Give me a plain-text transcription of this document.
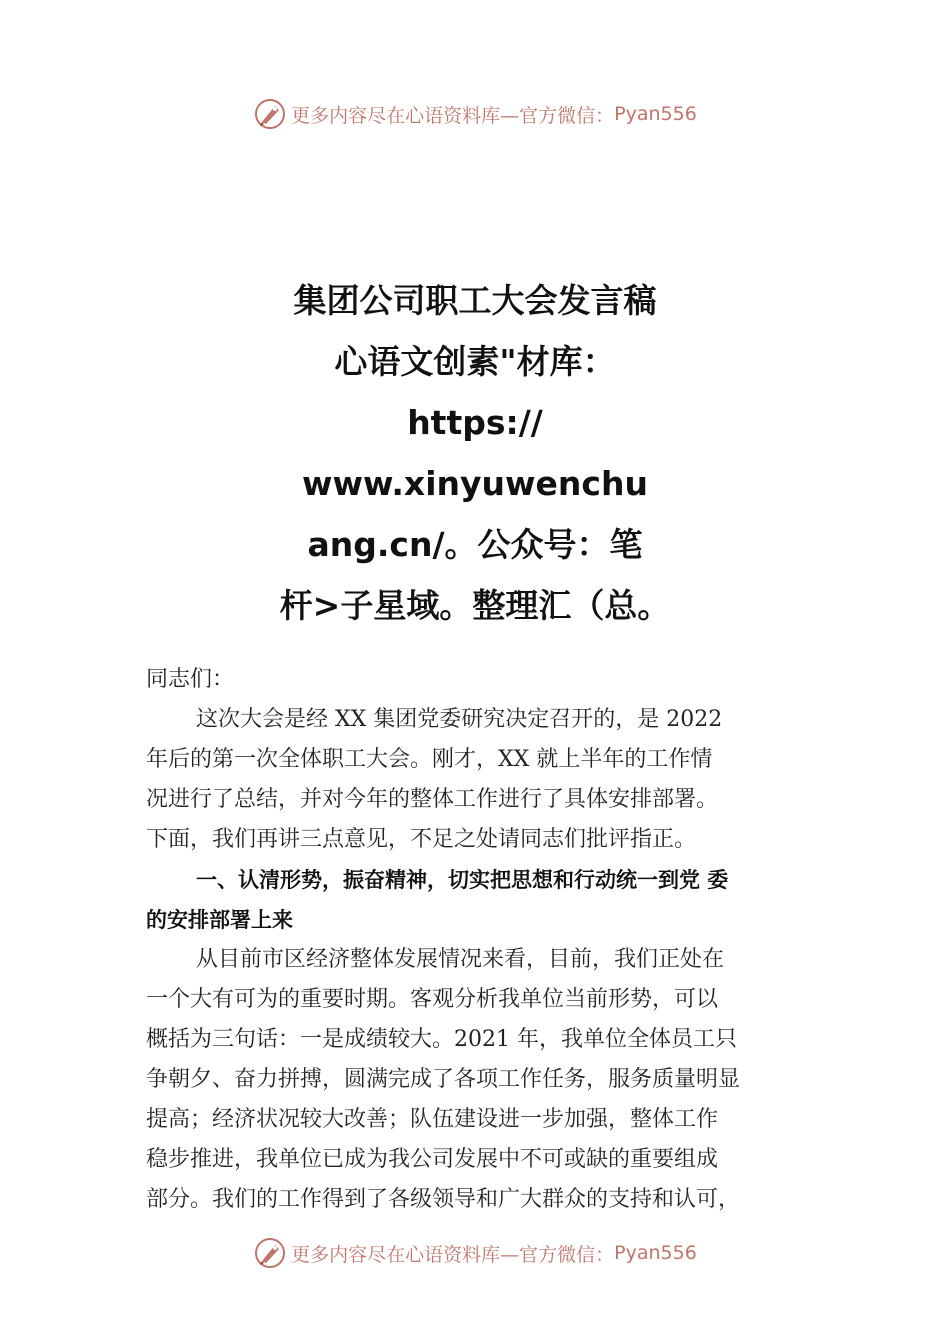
更多内容尽在心语资料库—官方微信： Pyan556
集团公司职工大会发言稿
心语文创素"材库：
https://
www.xinyuwenchu
ang.cn/。公众号：笔
杆>子星域。整理汇（总。
同志们：
这次大会是经 XX 集团党委研究决定召开的，是 2022
年后的第一次全体职工大会。刚才，XX 就上半年的工作情
况进行了总结，并对今年的整体工作进行了具体安排部署。
下面，我们再讲三点意见，不足之处请同志们批评指正。
一、认清形势，振奋精神，切实把思想和行动统一到党 委
的安排部署上来
从目前市区经济整体发展情况来看，目前，我们正处在
一个大有可为的重要时期。客观分析我单位当前形势，可以
概括为三句话：一是成绩较大。2021 年，我单位全体员工只
争朝夕、奋力拼搏，圆满完成了各项工作任务，服务质量明显
提高；经济状况较大改善；队伍建设进一步加强，整体工作
稳步推进，我单位已成为我公司发展中不可或缺的重要组成
部分。我们的工作得到了各级领导和广大群众的支持和认可，
更多内容尽在心语资料库—官方微信： Pyan556
